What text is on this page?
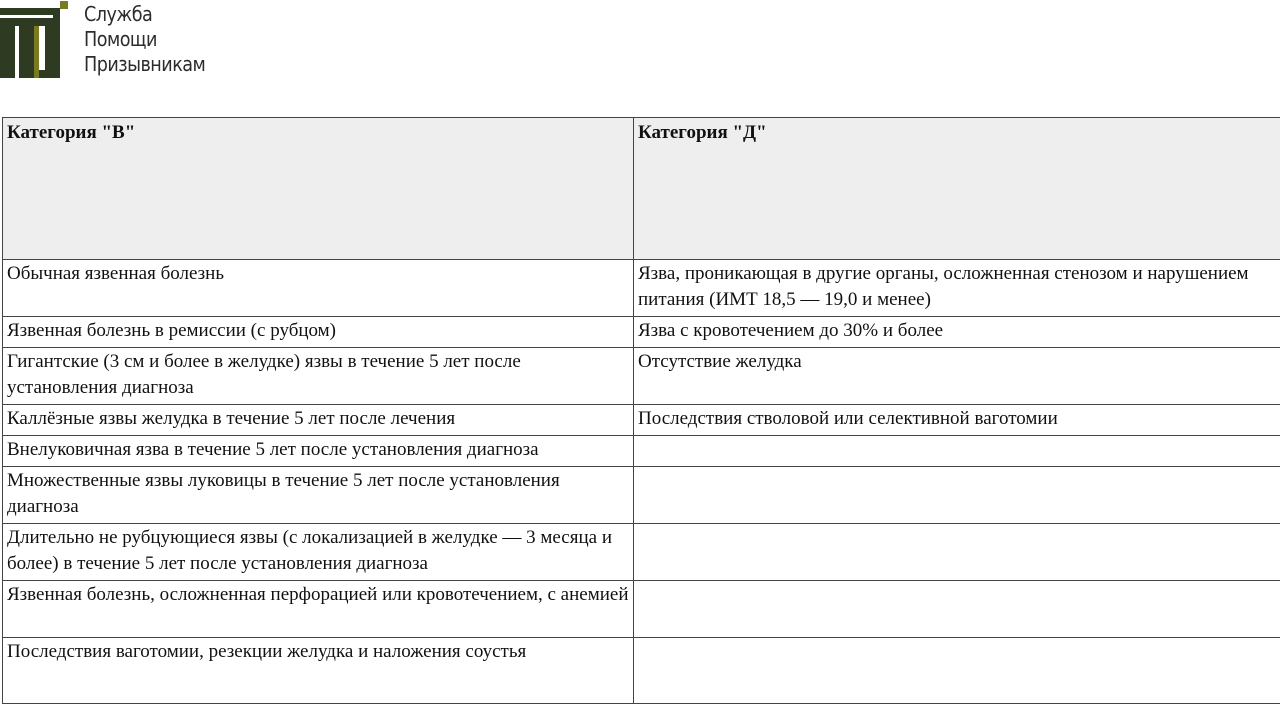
Служба
Помощи
Призывникам
Категория "В"	Категория "Д"
Обычная язвенная болезнь	Язва, проникающая в другие органы, осложненная стенозом и нарушением питания (ИМТ 18,5 — 19,0 и менее)
Язвенная болезнь в ремиссии (с рубцом)	Язва с кровотечением до 30% и более
Гигантские (3 см и более в желудке) язвы в течение 5 лет после установления диагноза	Отсутствие желудка
Каллёзные язвы желудка в течение 5 лет после лечения	Последствия стволовой или селективной ваготомии
Внелуковичная язва в течение 5 лет после установления диагноза	
Множественные язвы луковицы в течение 5 лет после установления диагноза	
Длительно не рубцующиеся язвы (с локализацией в желудке — 3 месяца и более) в течение 5 лет после установления диагноза	
Язвенная болезнь, осложненная перфорацией или кровотечением, с анемией	
Последствия ваготомии, резекции желудка и наложения соустья	
